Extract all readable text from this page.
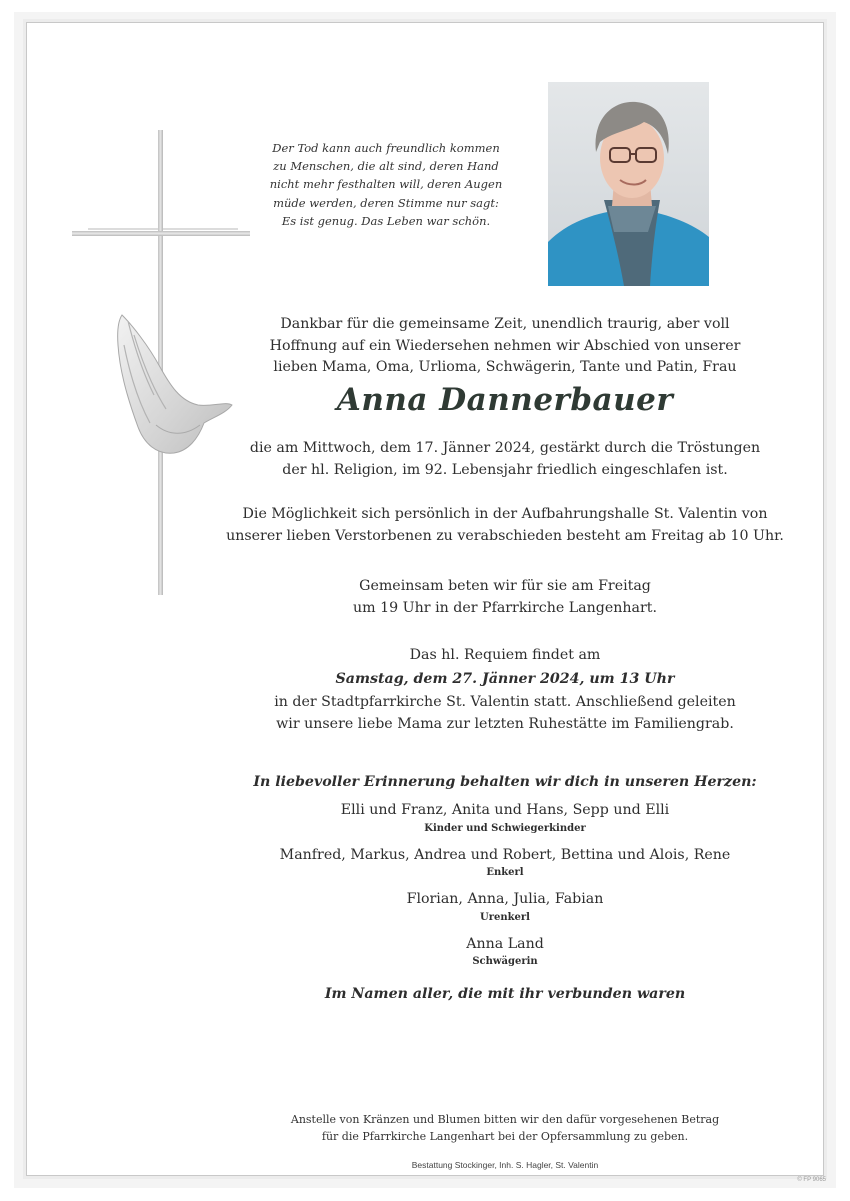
Der Tod kann auch freundlich kommen
zu Menschen, die alt sind, deren Hand
nicht mehr festhalten will, deren Augen
müde werden, deren Stimme nur sagt:
Es ist genug. Das Leben war schön.
Dankbar für die gemeinsame Zeit, unendlich traurig, aber voll
Hoffnung auf ein Wiedersehen nehmen wir Abschied von unserer
lieben Mama, Oma, Urlioma, Schwägerin, Tante und Patin, Frau
Anna Dannerbauer
die am Mittwoch, dem 17. Jänner 2024, gestärkt durch die Tröstungen
der hl. Religion, im 92. Lebensjahr friedlich eingeschlafen ist.
Die Möglichkeit sich persönlich in der Aufbahrungshalle St. Valentin von
unserer lieben Verstorbenen zu verabschieden besteht am Freitag ab 10 Uhr.
Gemeinsam beten wir für sie am Freitag
um 19 Uhr in der Pfarrkirche Langenhart.
Das hl. Requiem findet am
Samstag, dem 27. Jänner 2024, um 13 Uhr
in der Stadtpfarrkirche St. Valentin statt. Anschließend geleiten
wir unsere liebe Mama zur letzten Ruhestätte im Familiengrab.
In liebevoller Erinnerung behalten wir dich in unseren Herzen:
Elli und Franz, Anita und Hans, Sepp und Elli
Kinder und Schwiegerkinder
Manfred, Markus, Andrea und Robert, Bettina und Alois, Rene
Enkerl
Florian, Anna, Julia, Fabian
Urenkerl
Anna Land
Schwägerin
Im Namen aller, die mit ihr verbunden waren
Anstelle von Kränzen und Blumen bitten wir den dafür vorgesehenen Betrag
für die Pfarrkirche Langenhart bei der Opfersammlung zu geben.
Bestattung Stockinger, Inh. S. Hagler, St. Valentin
© FP 9065
